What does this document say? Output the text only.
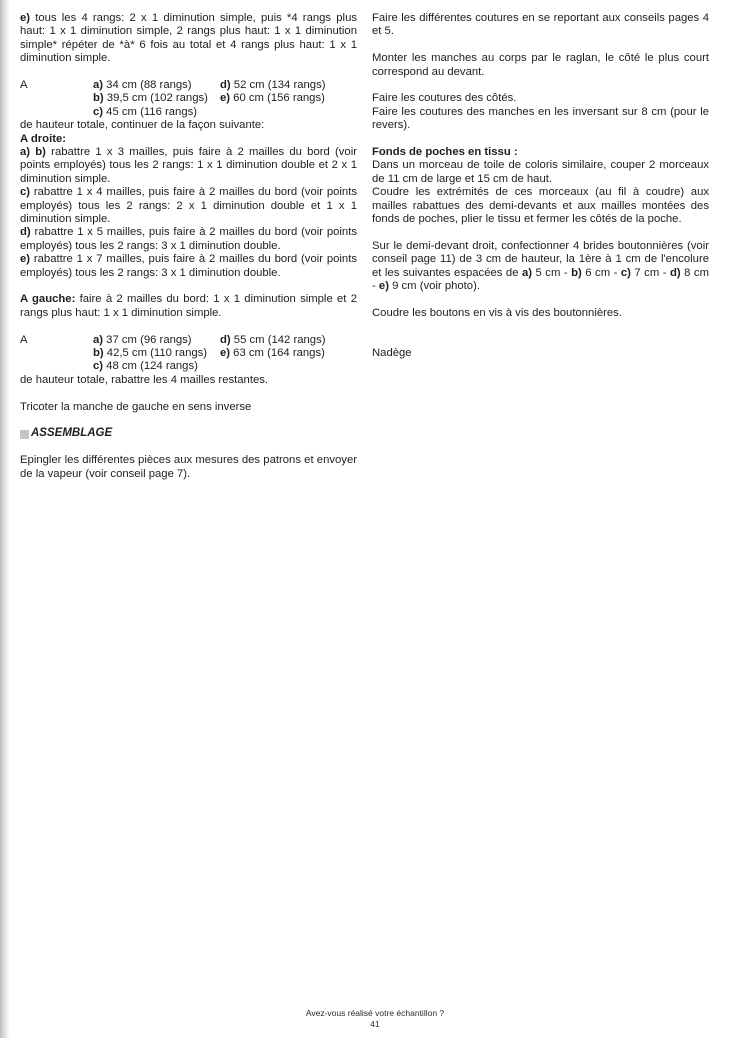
e) tous les 4 rangs: 2 x 1 diminution simple, puis *4 rangs plus haut: 1 x 1 diminution simple, 2 rangs plus haut: 1 x 1 diminution simple* répéter de *à* 6 fois au total et 4 rangs plus haut: 1 x 1 diminution simple.

A	a) 34 cm (88 rangs)
b) 39,5 cm (102 rangs)
c) 45 cm (116 rangs)
d) 52 cm (134 rangs)
e) 60 cm (156 rangs)

de hauteur totale, continuer de la façon suivante:

A droite:

a) b) rabattre 1 x 3 mailles, puis faire à 2 mailles du bord (voir points employés) tous les 2 rangs: 1 x 1 diminution double et 2 x 1 diminution simple.

c) rabattre 1 x 4 mailles, puis faire à 2 mailles du bord (voir points employés) tous les 2 rangs: 2 x 1 diminution double et 1 x 1 diminution simple.

d) rabattre 1 x 5 mailles, puis faire à 2 mailles du bord (voir points employés) tous les 2 rangs: 3 x 1 diminution double.

e) rabattre 1 x 7 mailles, puis faire à 2 mailles du bord (voir points employés) tous les 2 rangs: 3 x 1 diminution double.

A gauche: faire à 2 mailles du bord: 1 x 1 diminution simple et 2 rangs plus haut: 1 x 1 diminution simple.

A	a) 37 cm (96 rangs)
b) 42,5 cm (110 rangs)
c) 48 cm (124 rangs)
d) 55 cm (142 rangs)
e) 63 cm (164 rangs)

de hauteur totale, rabattre les 4 mailles restantes.

Tricoter la manche de gauche en sens inverse

ASSEMBLAGE

Epingler les différentes pièces aux mesures des patrons et envoyer de la vapeur (voir conseil page 7).

Faire les différentes coutures en se reportant aux conseils pages 4 et 5.

Monter les manches au corps par le raglan, le côté le plus court correspond au devant.

Faire les coutures des côtés.

Faire les coutures des manches en les inversant sur 8 cm (pour le revers).

Fonds de poches en tissu :

Dans un morceau de toile de coloris similaire, couper 2 morceaux de 11 cm de large et 15 cm de haut.

Coudre les extrémités de ces morceaux (au fil à coudre) aux mailles rabattues des demi-devants et aux mailles montées des fonds de poches, plier le tissu et fermer les côtés de la poche.

Sur le demi-devant droit, confectionner 4 brides boutonnières (voir conseil page 11) de 3 cm de hauteur, la 1ère à 1 cm de l'encolure et les suivantes espacées de a) 5 cm - b) 6 cm - c) 7 cm - d) 8 cm - e) 9 cm (voir photo).

Coudre les boutons en vis à vis des boutonnières.

Nadège

Avez-vous réalisé votre échantillon ?
41
